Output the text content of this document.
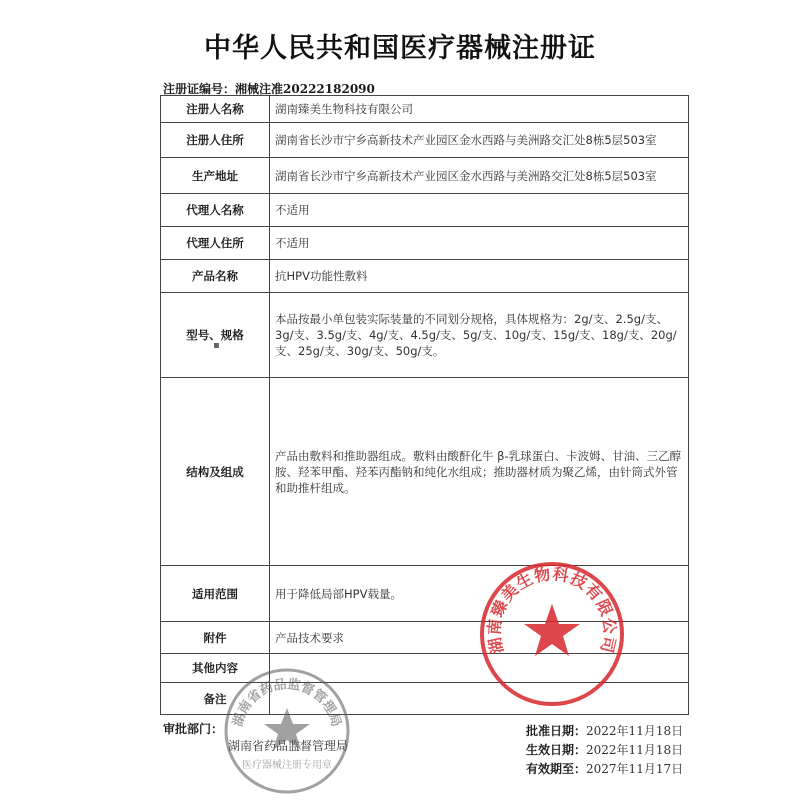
中华人民共和国医疗器械注册证
注册证编号：湘械注准20222182090
注册人名称	湖南臻美生物科技有限公司
注册人住所	湖南省长沙市宁乡高新技术产业园区金水西路与美洲路交汇处8栋5层503室
生产地址	湖南省长沙市宁乡高新技术产业园区金水西路与美洲路交汇处8栋5层503室
代理人名称	不适用
代理人住所	不适用
产品名称	抗HPV功能性敷料
型号、规格	本品按最小单包装实际装量的不同划分规格，具体规格为：2g/支、2.5g/支、3g/支、3.5g/支、4g/支、4.5g/支、5g/支、10g/支、15g/支、18g/支、20g/支、25g/支、30g/支、50g/支。
结构及组成	产品由敷料和推助器组成。敷料由酸酐化牛 β-乳球蛋白、卡波姆、甘油、三乙醇胺、羟苯甲酯、羟苯丙酯钠和纯化水组成；推助器材质为聚乙烯，由针筒式外管和助推杆组成。
适用范围	用于降低局部HPV载量。
附件	产品技术要求
其他内容	
备注	
审批部门：
湖南省药品监督管理局
批准日期：2022年11月18日
生效日期：2022年11月18日
有效期至：2027年11月17日
湖南臻美生物科技有限公司
湖南省药品监督管理局
医疗器械注册专用章
▪
